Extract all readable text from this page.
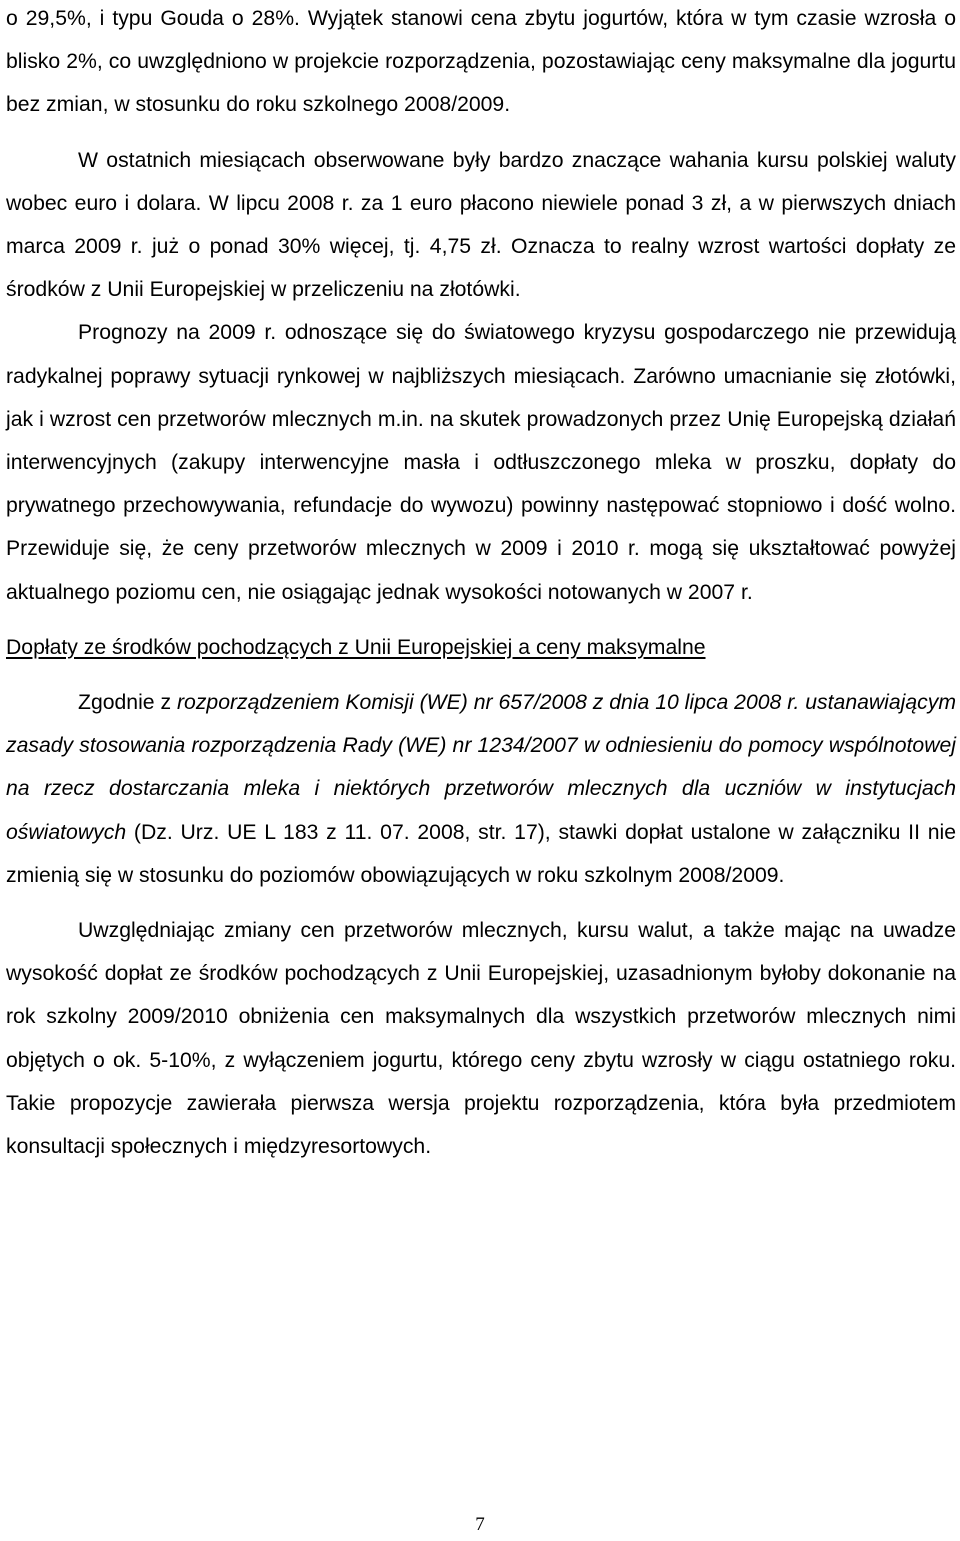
o 29,5%, i typu Gouda o 28%. Wyjątek stanowi cena zbytu jogurtów, która w tym czasie wzrosła o blisko 2%, co uwzględniono w projekcie rozporządzenia, pozostawiając ceny maksymalne dla jogurtu bez zmian, w stosunku do roku szkolnego 2008/2009.

W ostatnich miesiącach obserwowane były bardzo znaczące wahania kursu polskiej waluty wobec euro i dolara. W lipcu 2008 r. za 1 euro płacono niewiele ponad 3 zł, a w pierwszych dniach marca 2009 r. już o ponad 30% więcej, tj. 4,75 zł. Oznacza to realny wzrost wartości dopłaty ze środków z Unii Europejskiej w przeliczeniu na złotówki.

Prognozy na 2009 r. odnoszące się do światowego kryzysu gospodarczego nie przewidują radykalnej poprawy sytuacji rynkowej w najbliższych miesiącach. Zarówno umacnianie się złotówki, jak i wzrost cen przetworów mlecznych m.in. na skutek prowadzonych przez Unię Europejską działań interwencyjnych (zakupy interwencyjne masła i odtłuszczonego mleka w proszku, dopłaty do prywatnego przechowywania, refundacje do wywozu) powinny następować stopniowo i dość wolno. Przewiduje się, że ceny przetworów mlecznych w 2009 i 2010 r. mogą się ukształtować powyżej aktualnego poziomu cen, nie osiągając jednak wysokości notowanych w 2007 r.

Dopłaty ze środków pochodzących z Unii Europejskiej a ceny maksymalne

Zgodnie z rozporządzeniem Komisji (WE) nr 657/2008 z dnia 10 lipca 2008 r. ustanawiającym zasady stosowania rozporządzenia Rady (WE) nr 1234/2007 w odniesieniu do pomocy wspólnotowej na rzecz dostarczania mleka i niektórych przetworów mlecznych dla uczniów w instytucjach oświatowych (Dz. Urz. UE L 183 z 11. 07. 2008, str. 17), stawki dopłat ustalone w załączniku II nie zmienią się w stosunku do poziomów obowiązujących w roku szkolnym 2008/2009.

Uwzględniając zmiany cen przetworów mlecznych, kursu walut, a także mając na uwadze wysokość dopłat ze środków pochodzących z Unii Europejskiej, uzasadnionym byłoby dokonanie na rok szkolny 2009/2010 obniżenia cen maksymalnych dla wszystkich przetworów mlecznych nimi objętych o ok. 5-10%, z wyłączeniem jogurtu, którego ceny zbytu wzrosły w ciągu ostatniego roku. Takie propozycje zawierała pierwsza wersja projektu rozporządzenia, która była przedmiotem konsultacji społecznych i międzyresortowych.

7
